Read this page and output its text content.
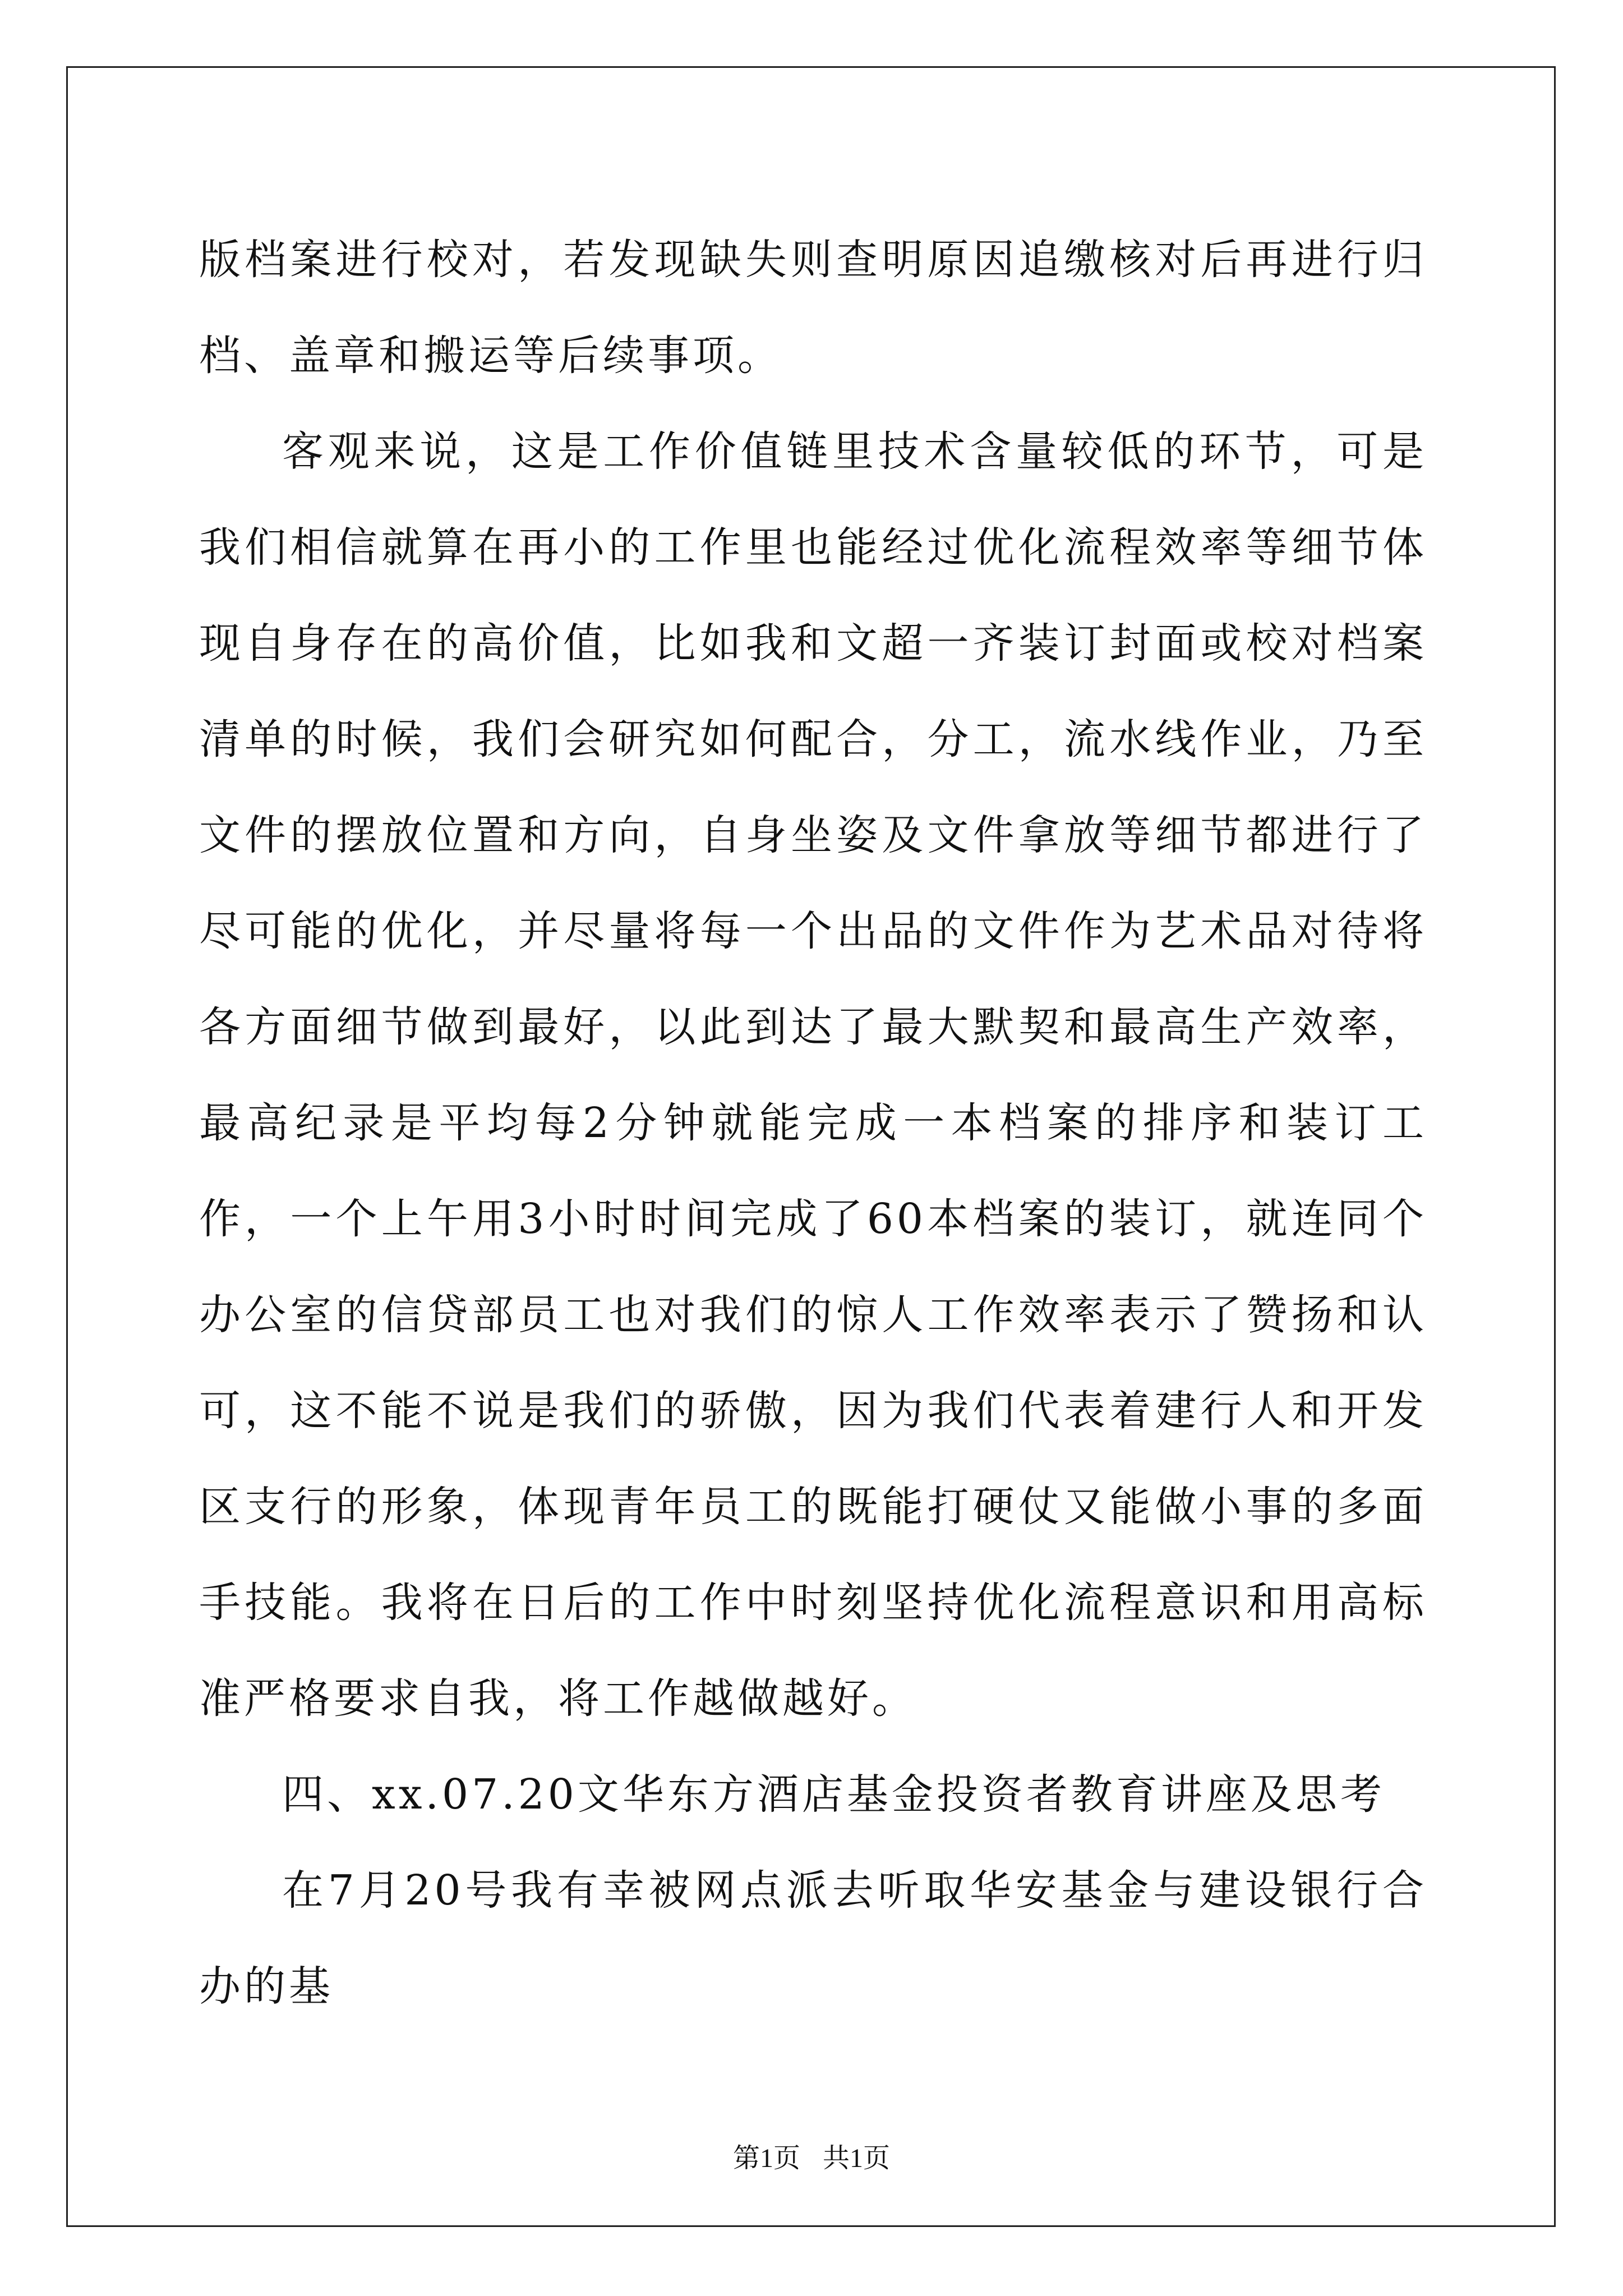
版档案进行校对，若发现缺失则查明原因追缴核对后再进行归档、盖章和搬运等后续事项。

客观来说，这是工作价值链里技术含量较低的环节，可是我们相信就算在再小的工作里也能经过优化流程效率等细节体现自身存在的高价值，比如我和文超一齐装订封面或校对档案清单的时候，我们会研究如何配合，分工，流水线作业，乃至文件的摆放位置和方向，自身坐姿及文件拿放等细节都进行了尽可能的优化，并尽量将每一个出品的文件作为艺术品对待将各方面细节做到最好，以此到达了最大默契和最高生产效率，最高纪录是平均每2分钟就能完成一本档案的排序和装订工作，一个上午用3小时时间完成了60本档案的装订，就连同个办公室的信贷部员工也对我们的惊人工作效率表示了赞扬和认可，这不能不说是我们的骄傲，因为我们代表着建行人和开发区支行的形象，体现青年员工的既能打硬仗又能做小事的多面手技能。我将在日后的工作中时刻坚持优化流程意识和用高标准严格要求自我，将工作越做越好。

四、xx.07.20文华东方酒店基金投资者教育讲座及思考

在7月20号我有幸被网点派去听取华安基金与建设银行合办的基

第1页 共1页
